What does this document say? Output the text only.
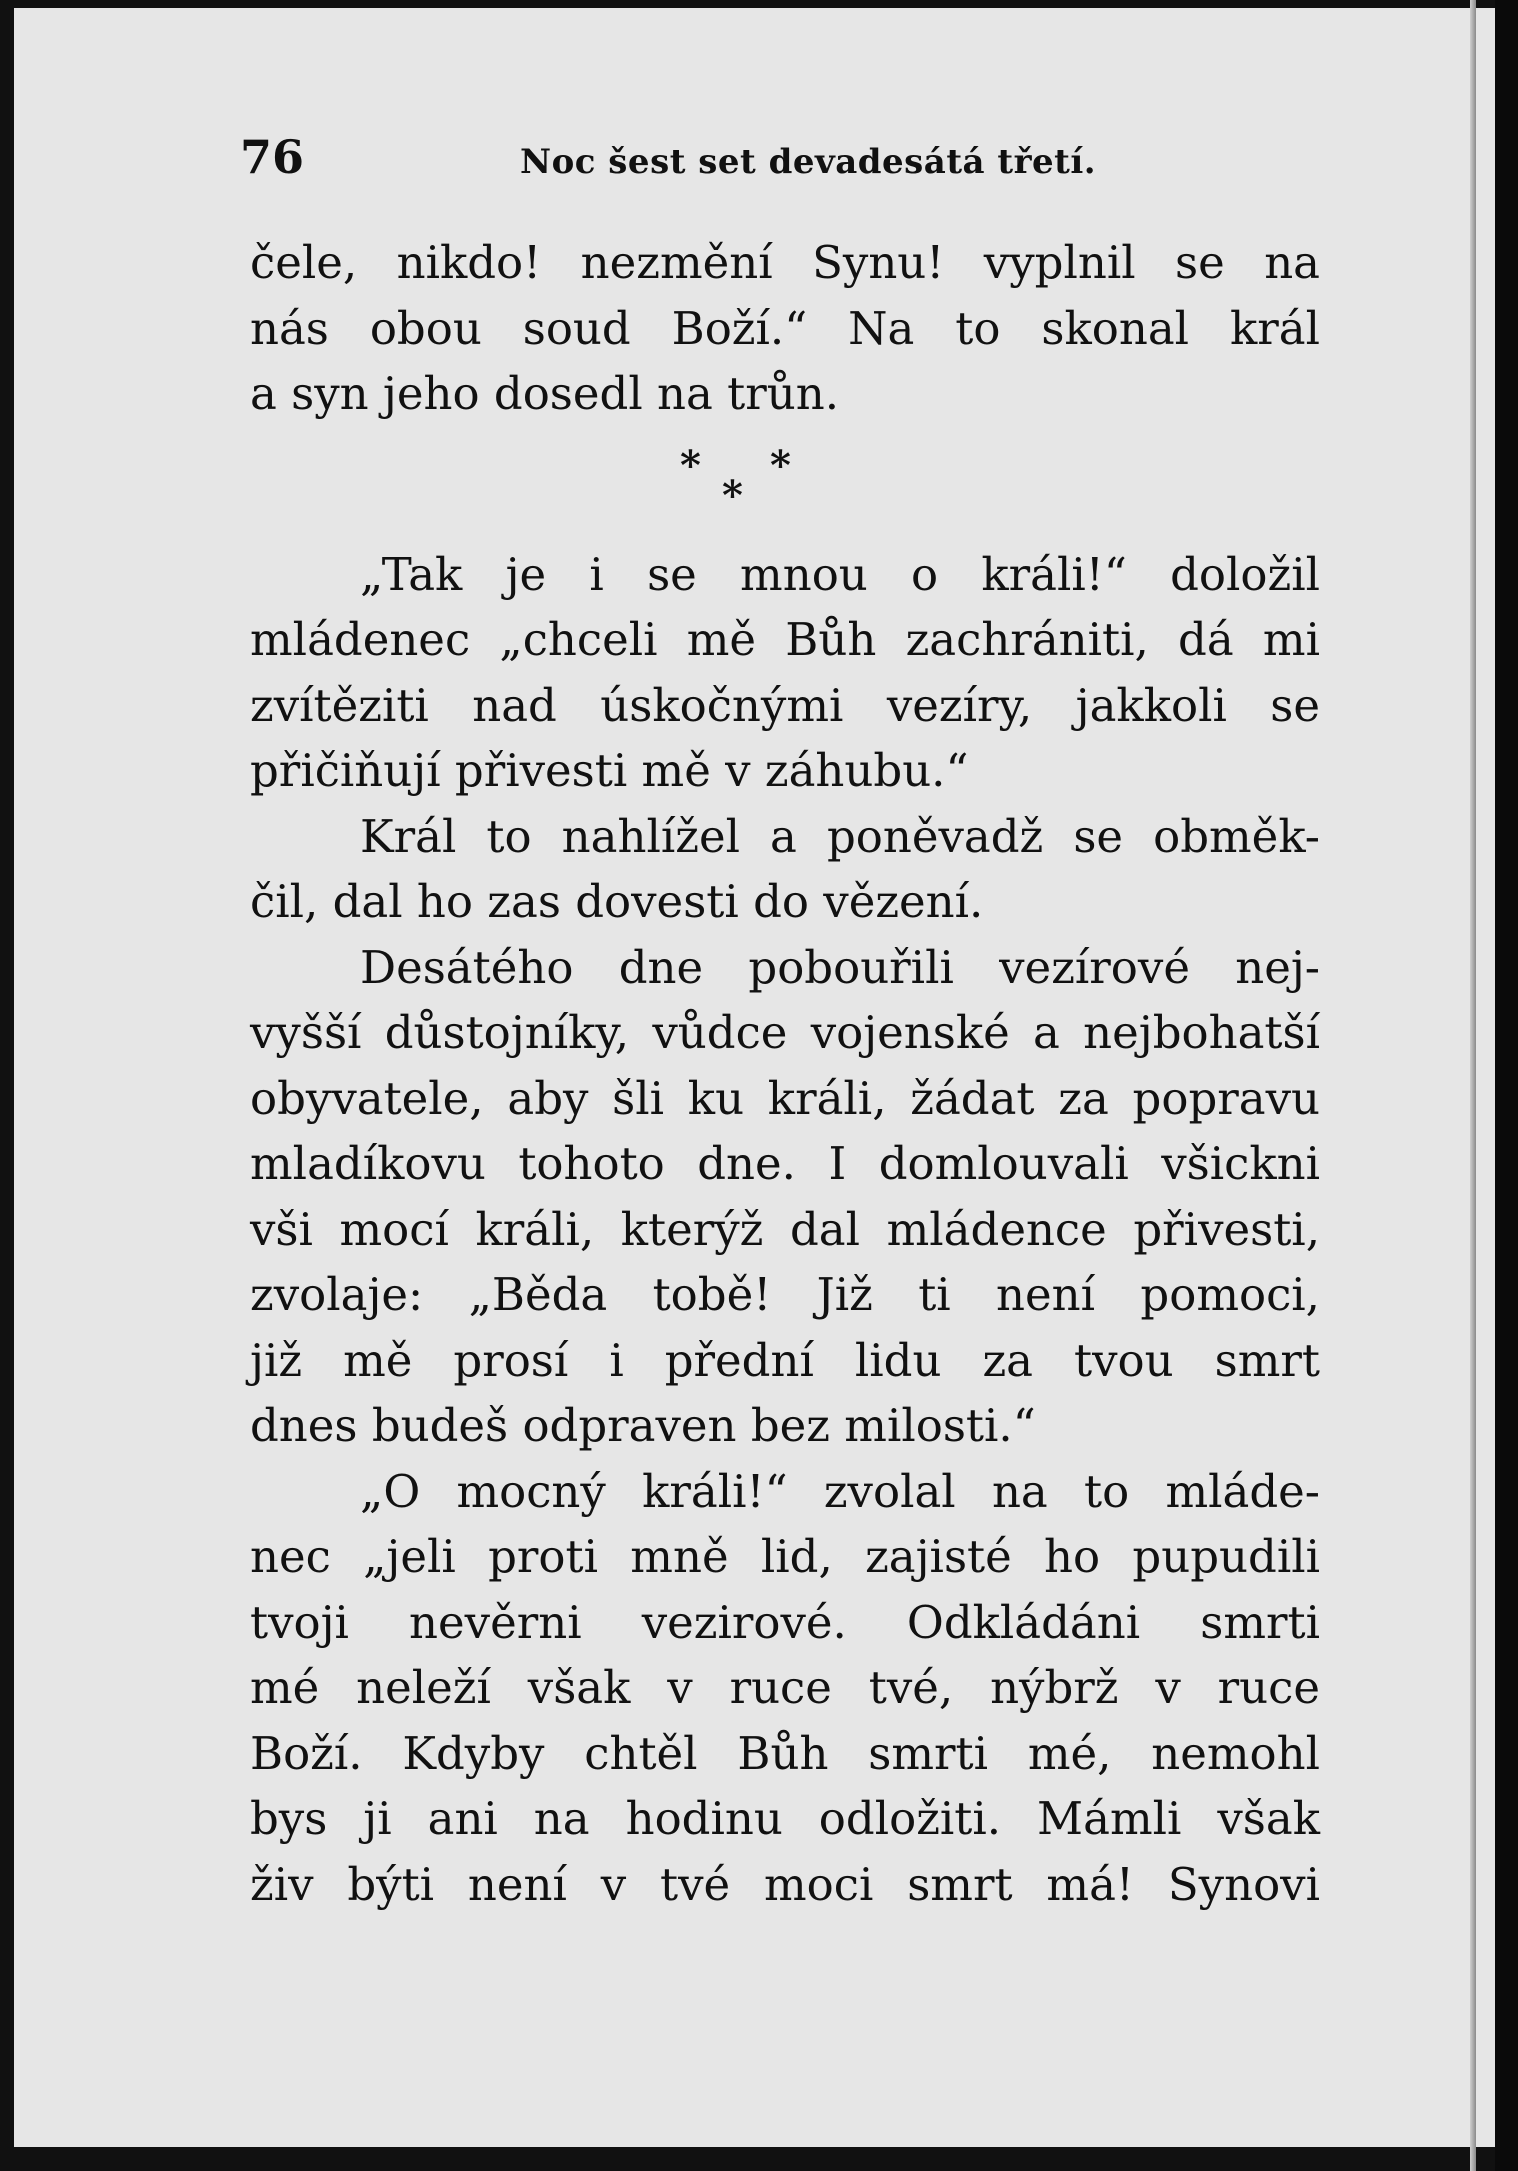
76	Noc šest set devadesátá třetí.
čele, nikdo! nezmění Synu! vyplnil se na
nás obou soud Boží.“ Na to skonal král
a syn jeho dosedl na trůn.
* *
*
„Tak je i se mnou o králi!“ doložil
mládenec „chceli mě Bůh zachrániti, dá mi
zvítěziti nad úskočnými vezíry, jakkoli se
přičiňují přivesti mě v záhubu.“
Král to nahlížel a poněvadž se obměk-
čil, dal ho zas dovesti do vězení.
Desátého dne pobouřili vezírové nej-
vyšší důstojníky, vůdce vojenské a nejbohatší
obyvatele, aby šli ku králi, žádat za popravu
mladíkovu tohoto dne. I domlouvali všickni
vši mocí králi, kterýž dal mládence přivesti,
zvolaje: „Běda tobě! Již ti není pomoci,
již mě prosí i přední lidu za tvou smrt
dnes budeš odpraven bez milosti.“
„O mocný králi!“ zvolal na to mláde-
nec „jeli proti mně lid, zajisté ho pupudili
tvoji nevěrni vezirové. Odkládáni smrti
mé neleží však v ruce tvé, nýbrž v ruce
Boží. Kdyby chtěl Bůh smrti mé, nemohl
bys ji ani na hodinu odložiti. Mámli však
živ býti není v tvé moci smrt má! Synovi
